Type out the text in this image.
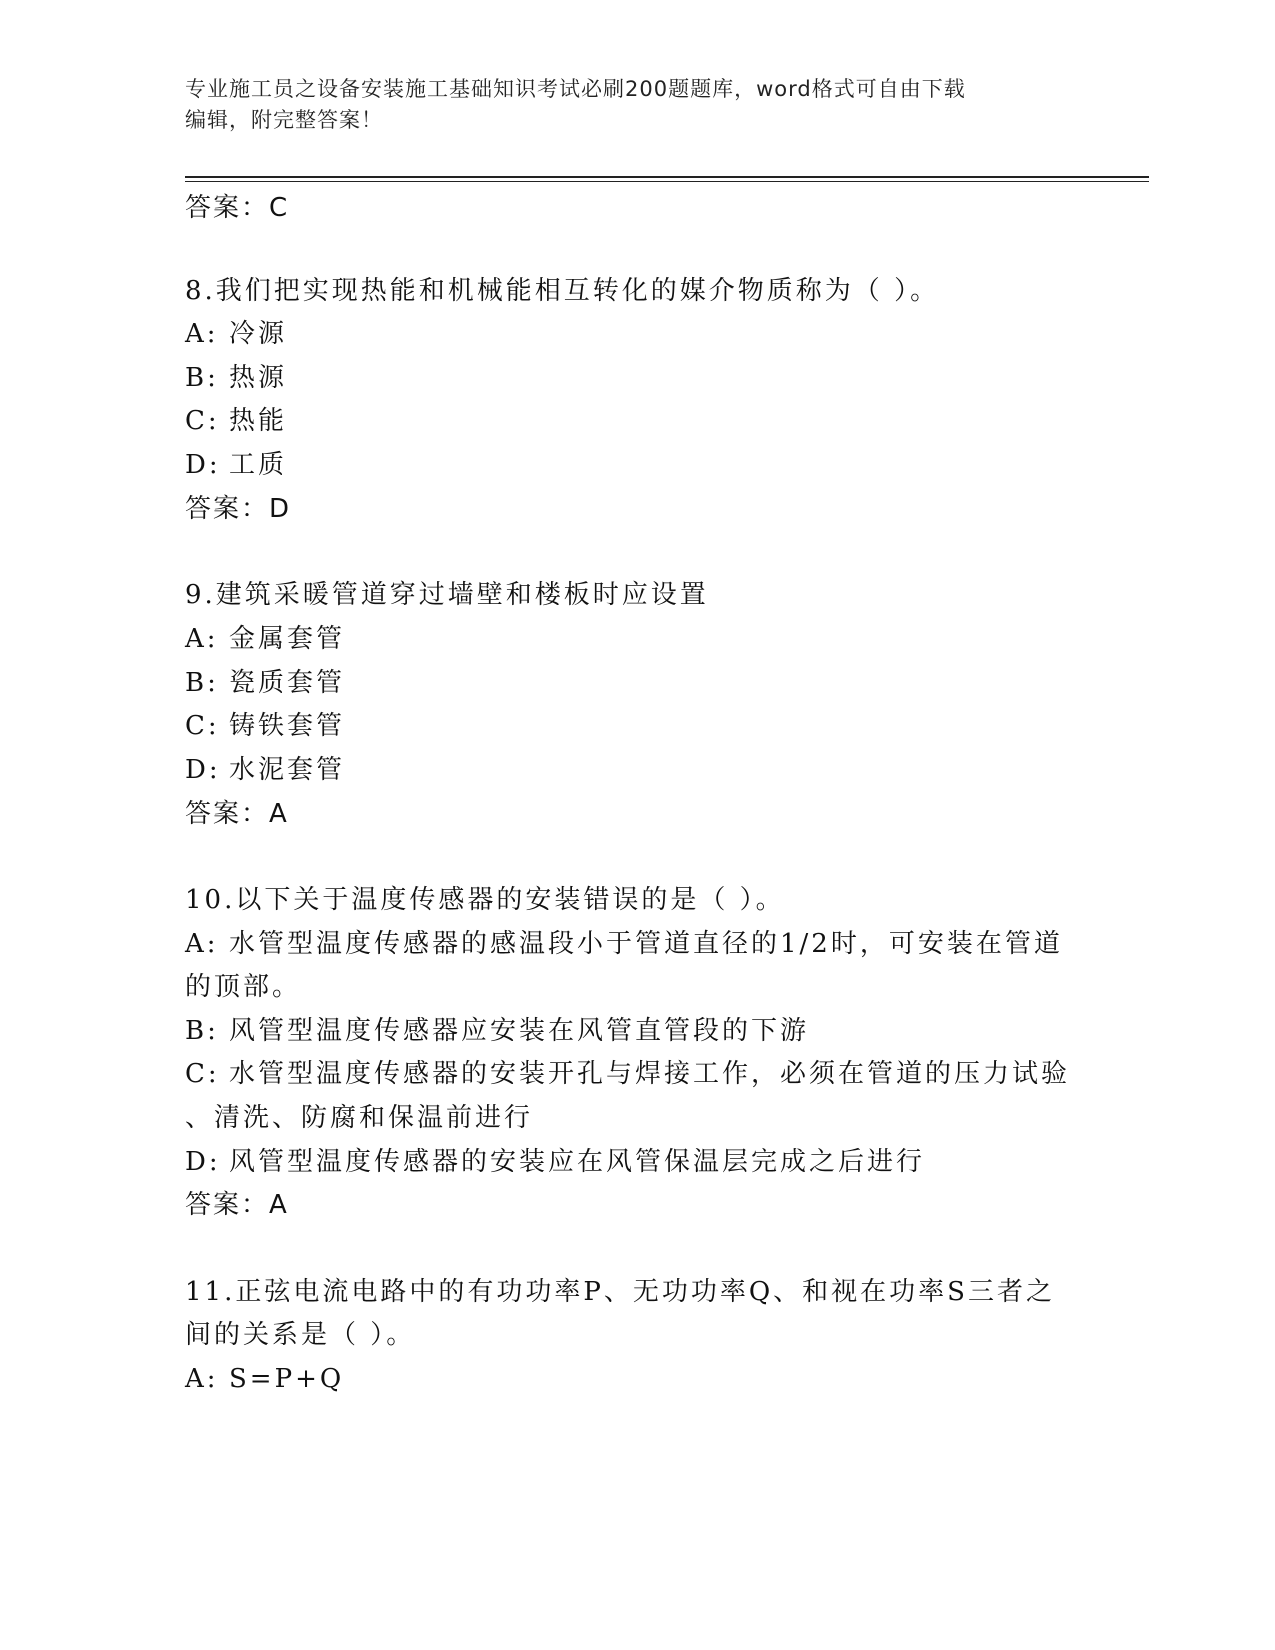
专业施工员之设备安装施工基础知识考试必刷200题题库，word格式可自由下载
编辑，附完整答案！
答案：C
8.我们把实现热能和机械能相互转化的媒介物质称为（ ）。
A: 冷源
B: 热源
C: 热能
D: 工质
答案：D
9.建筑采暖管道穿过墙壁和楼板时应设置
A: 金属套管
B: 瓷质套管
C: 铸铁套管
D: 水泥套管
答案：A
10.以下关于温度传感器的安装错误的是（ ）。
A: 水管型温度传感器的感温段小于管道直径的1/2时，可安装在管道
的顶部。
B: 风管型温度传感器应安装在风管直管段的下游
C: 水管型温度传感器的安装开孔与焊接工作，必须在管道的压力试验
、清洗、防腐和保温前进行
D: 风管型温度传感器的安装应在风管保温层完成之后进行
答案：A
11.正弦电流电路中的有功功率P、无功功率Q、和视在功率S三者之
间的关系是（ ）。
A: S=P+Q
